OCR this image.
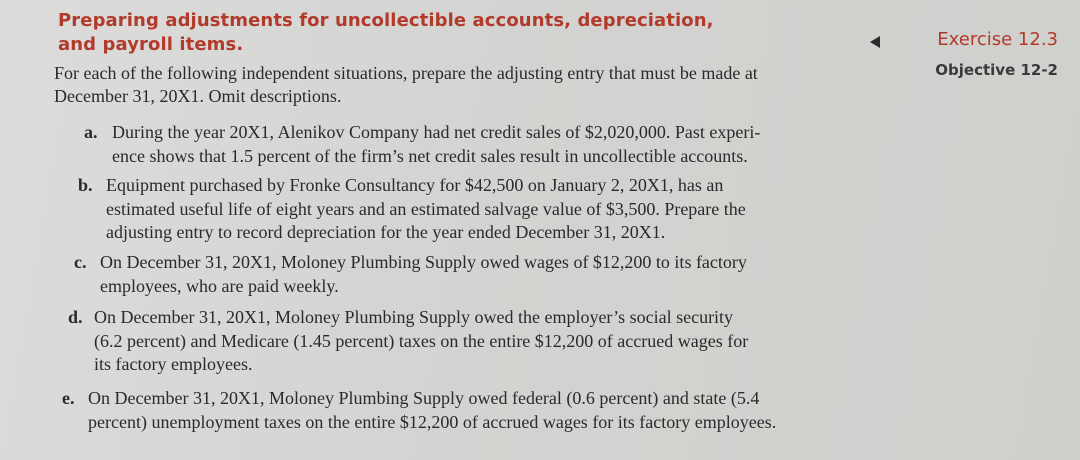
Preparing adjustments for uncollectible accounts, depreciation,
and payroll items.	Exercise 12.3
Objective 12-2
For each of the following independent situations, prepare the adjusting entry that must be made at
December 31, 20X1. Omit descriptions.
a. During the year 20X1, Alenikov Company had net credit sales of $2,020,000. Past experi-
ence shows that 1.5 percent of the firm’s net credit sales result in uncollectible accounts.
b. Equipment purchased by Fronke Consultancy for $42,500 on January 2, 20X1, has an
estimated useful life of eight years and an estimated salvage value of $3,500. Prepare the
adjusting entry to record depreciation for the year ended December 31, 20X1.
c. On December 31, 20X1, Moloney Plumbing Supply owed wages of $12,200 to its factory
employees, who are paid weekly.
d. On December 31, 20X1, Moloney Plumbing Supply owed the employer’s social security
(6.2 percent) and Medicare (1.45 percent) taxes on the entire $12,200 of accrued wages for
its factory employees.
e. On December 31, 20X1, Moloney Plumbing Supply owed federal (0.6 percent) and state (5.4
percent) unemployment taxes on the entire $12,200 of accrued wages for its factory employees.
